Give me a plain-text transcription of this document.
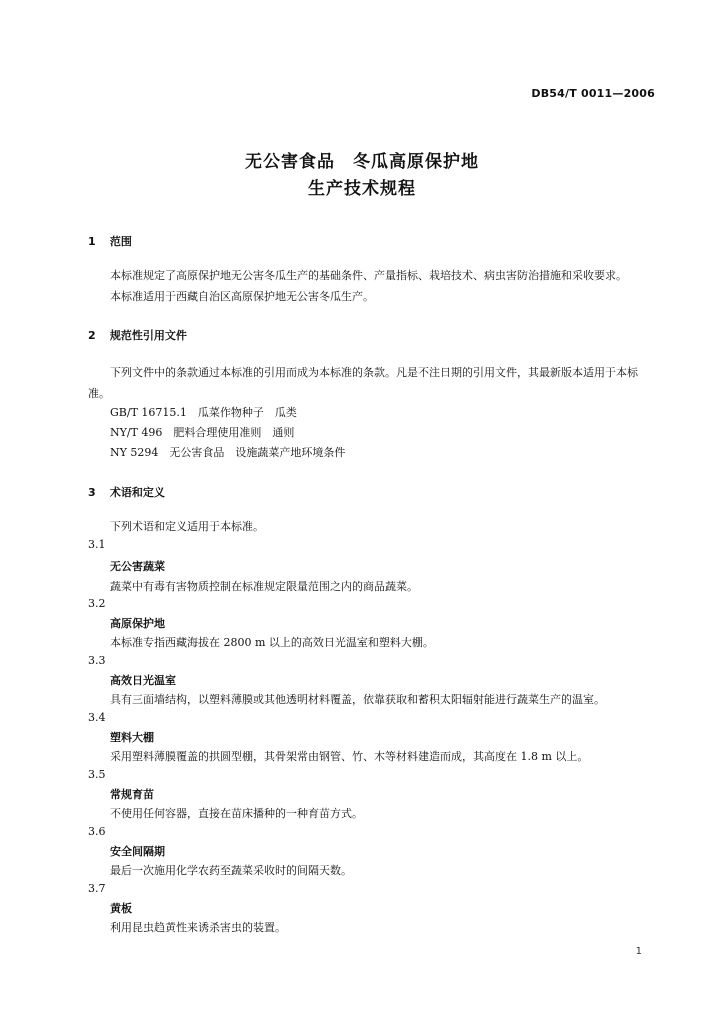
DB54/T 0011—2006
无公害食品　冬瓜高原保护地
生产技术规程
1 范围
本标准规定了高原保护地无公害冬瓜生产的基础条件、产量指标、栽培技术、病虫害防治措施和采收要求。
本标准适用于西藏自治区高原保护地无公害冬瓜生产。
2 规范性引用文件
下列文件中的条款通过本标准的引用而成为本标准的条款。凡是不注日期的引用文件，其最新版本适用于本标准。
GB/T 16715.1　瓜菜作物种子　瓜类
NY/T 496　肥料合理使用准则　通则
NY 5294　无公害食品　设施蔬菜产地环境条件
3 术语和定义
下列术语和定义适用于本标准。
3.1
无公害蔬菜
蔬菜中有毒有害物质控制在标准规定限量范围之内的商品蔬菜。
3.2
高原保护地
本标准专指西藏海拔在 2800 m 以上的高效日光温室和塑料大棚。
3.3
高效日光温室
具有三面墙结构，以塑料薄膜或其他透明材料覆盖，依靠获取和蓄积太阳辐射能进行蔬菜生产的温室。
3.4
塑料大棚
采用塑料薄膜覆盖的拱圆型棚，其骨架常由钢管、竹、木等材料建造而成，其高度在 1.8 m 以上。
3.5
常规育苗
不使用任何容器，直接在苗床播种的一种育苗方式。
3.6
安全间隔期
最后一次施用化学农药至蔬菜采收时的间隔天数。
3.7
黄板
利用昆虫趋黄性来诱杀害虫的装置。
1
